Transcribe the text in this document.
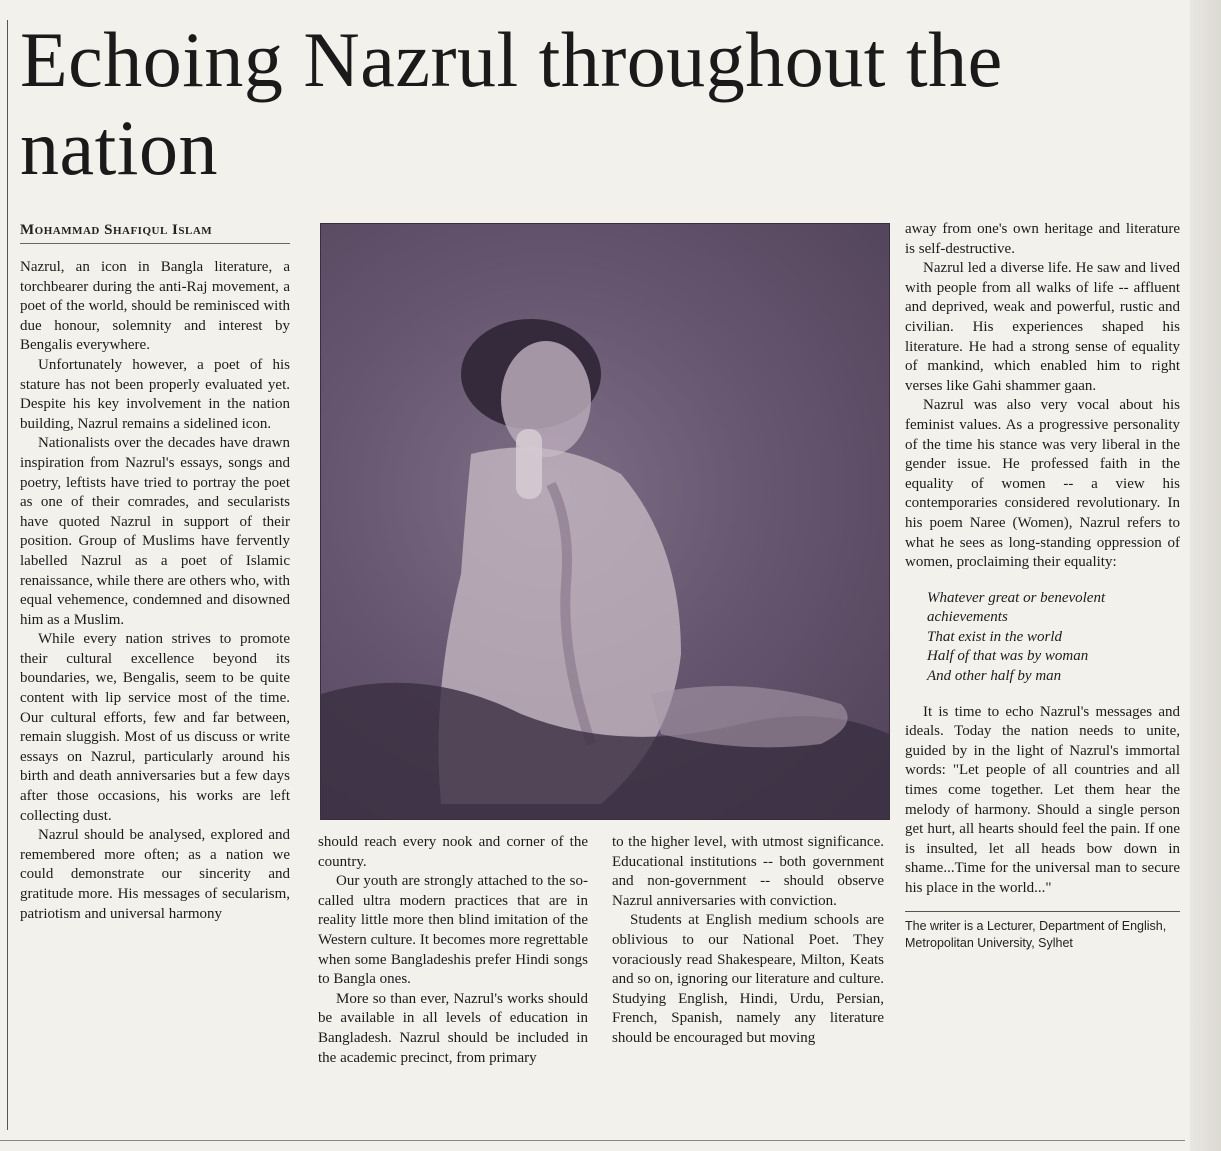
Echoing Nazrul throughout the nation
Mohammad Shafiqul Islam

Nazrul, an icon in Bangla literature, a torchbearer during the anti-Raj movement, a poet of the world, should be reminisced with due honour, solemnity and interest by Bengalis everywhere.

Unfortunately however, a poet of his stature has not been properly evaluated yet. Despite his key involvement in the nation building, Nazrul remains a sidelined icon.

Nationalists over the decades have drawn inspiration from Nazrul's essays, songs and poetry, leftists have tried to portray the poet as one of their comrades, and secularists have quoted Nazrul in support of their position. Group of Muslims have fervently labelled Nazrul as a poet of Islamic renaissance, while there are others who, with equal vehemence, condemned and disowned him as a Muslim.

While every nation strives to promote their cultural excellence beyond its boundaries, we, Bengalis, seem to be quite content with lip service most of the time. Our cultural efforts, few and far between, remain sluggish. Most of us discuss or write essays on Nazrul, particularly around his birth and death anniversaries but a few days after those occasions, his works are left collecting dust.

Nazrul should be analysed, explored and remembered more often; as a nation we could demonstrate our sincerity and gratitude more. His messages of secularism, patriotism and universal harmony

should reach every nook and corner of the country.

Our youth are strongly attached to the so-called ultra modern practices that are in reality little more then blind imitation of the Western culture. It becomes more regrettable when some Bangladeshis prefer Hindi songs to Bangla ones.

More so than ever, Nazrul's works should be available in all levels of education in Bangladesh. Nazrul should be included in the academic precinct, from primary

to the higher level, with utmost significance. Educational institutions -- both government and non-government -- should observe Nazrul anniversaries with conviction.

Students at English medium schools are oblivious to our National Poet. They voraciously read Shakespeare, Milton, Keats and so on, ignoring our literature and culture. Studying English, Hindi, Urdu, Persian, French, Spanish, namely any literature should be encouraged but moving

away from one's own heritage and literature is self-destructive.

Nazrul led a diverse life. He saw and lived with people from all walks of life -- affluent and deprived, weak and powerful, rustic and civilian. His experiences shaped his literature. He had a strong sense of equality of mankind, which enabled him to right verses like Gahi shammer gaan.

Nazrul was also very vocal about his feminist values. As a progressive personality of the time his stance was very liberal in the gender issue. He professed faith in the equality of women -- a view his contemporaries considered revolutionary. In his poem Naree (Women), Nazrul refers to what he sees as long-standing oppression of women, proclaiming their equality:

Whatever great or benevolent achievements
That exist in the world
Half of that was by woman
And other half by man

It is time to echo Nazrul's messages and ideals. Today the nation needs to unite, guided by in the light of Nazrul's immortal words: "Let people of all countries and all times come together. Let them hear the melody of harmony. Should a single person get hurt, all hearts should feel the pain. If one is insulted, let all heads bow down in shame...Time for the universal man to secure his place in the world..."

The writer is a Lecturer, Department of English, Metropolitan University, Sylhet
